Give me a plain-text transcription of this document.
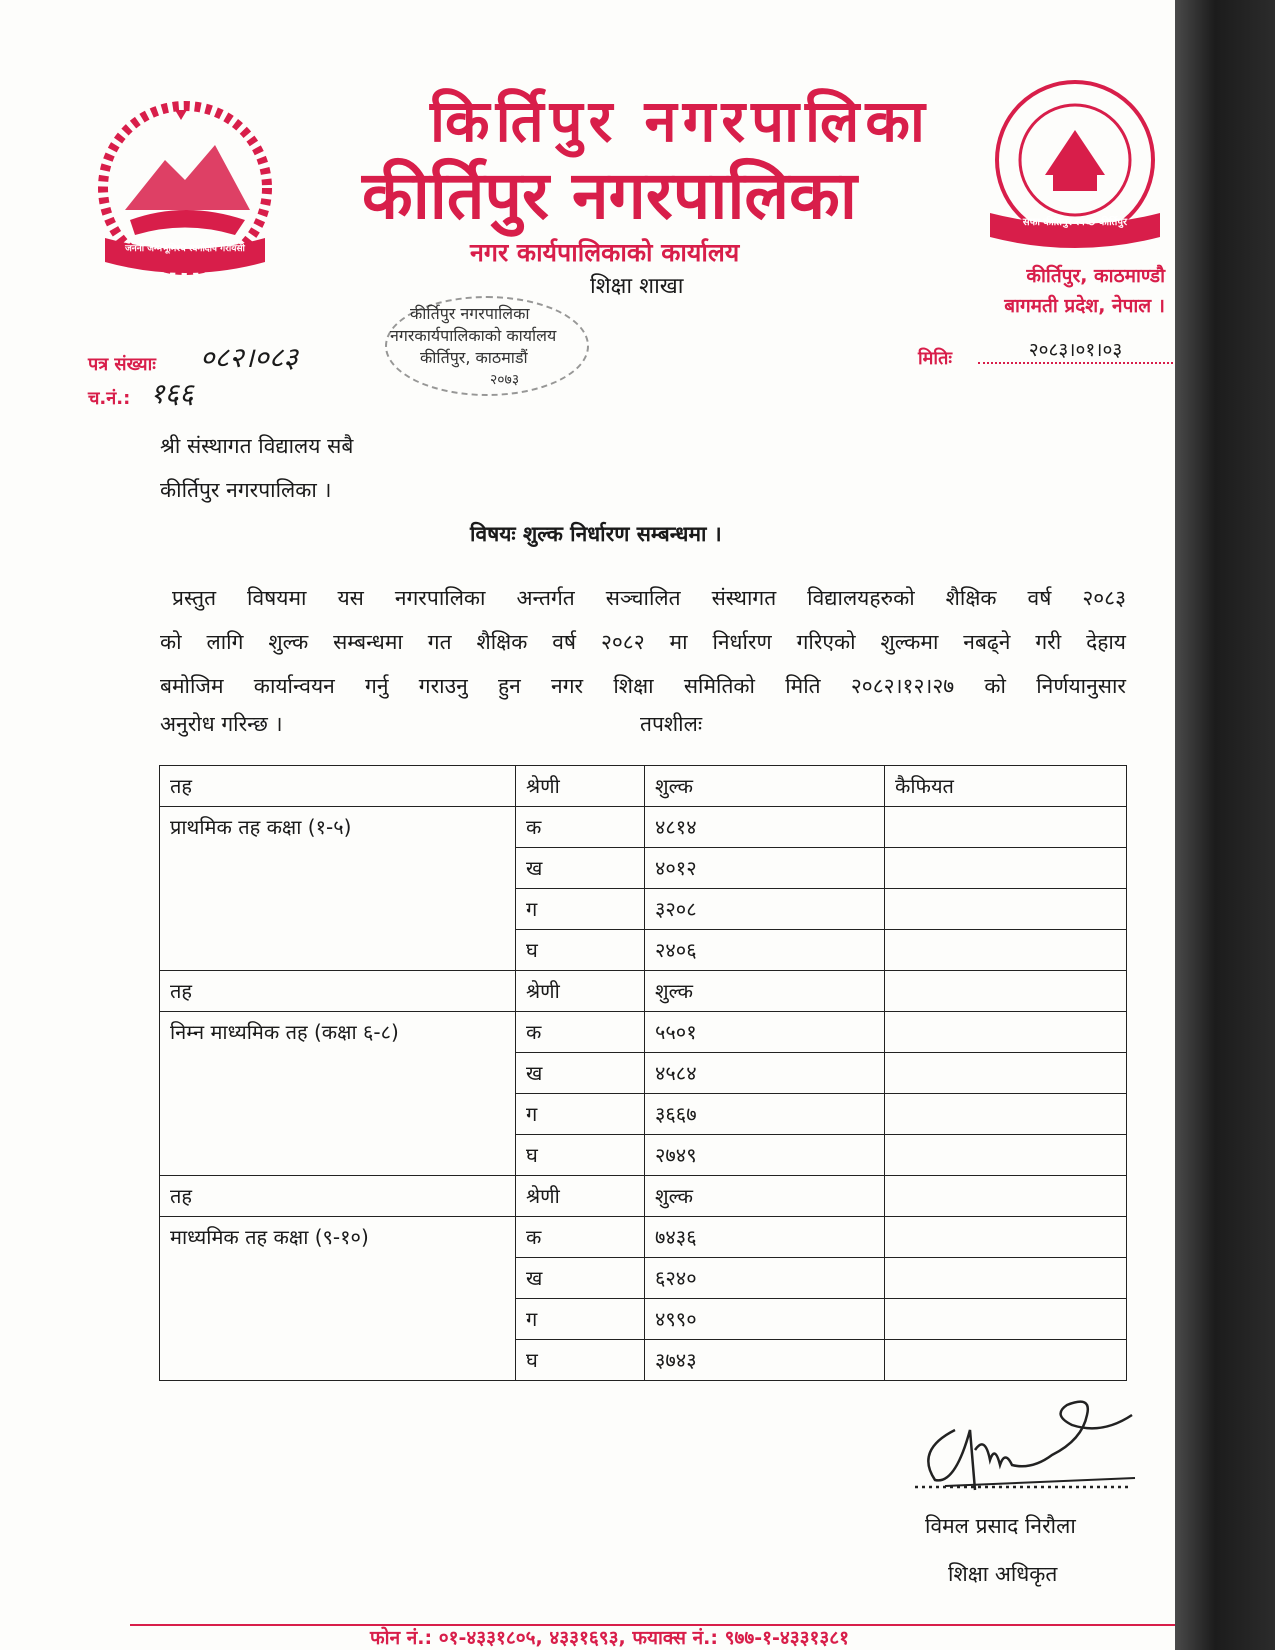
जननी जन्मभूमिश्च स्वर्गादपि गरीयसी
सफा कीर्तिपुर स्वच्छ कीर्तिपुर
किर्तिपुर नगरपालिका
कीर्तिपुर नगरपालिका
नगर कार्यपालिकाको कार्यालय
शिक्षा शाखा
कीर्तिपुर नगरपालिका
नगरकार्यपालिकाको कार्यालय
कीर्तिपुर, काठमाडौं
२०७३
कीर्तिपुर, काठमाण्डौ
बागमती प्रदेश, नेपाल ।
मितिः	२०८३।०१।०३
पत्र संख्याः ०८२।०८३
च.नं.: १६६
श्री संस्थागत विद्यालय सबै
कीर्तिपुर नगरपालिका ।
विषयः शुल्क निर्धारण सम्बन्धमा ।
प्रस्तुत विषयमा यस नगरपालिका अन्तर्गत सञ्चालित संस्थागत विद्यालयहरुको शैक्षिक वर्ष २०८३
को लागि शुल्क सम्बन्धमा गत शैक्षिक वर्ष २०८२ मा निर्धारण गरिएको शुल्कमा नबढ्ने गरी देहाय
बमोजिम कार्यान्वयन गर्नु गराउनु हुन नगर शिक्षा समितिको मिति २०८२।१२।२७ को निर्णयानुसार
अनुरोध गरिन्छ ।	तपशीलः
तह	श्रेणी	शुल्क	कैफियत
प्राथमिक तह कक्षा (१-५)	क	४८१४	
	ख	४०१२	
	ग	३२०८	
	घ	२४०६	
तह	श्रेणी	शुल्क	
निम्न माध्यमिक तह (कक्षा ६-८)	क	५५०१	
	ख	४५८४	
	ग	३६६७	
	घ	२७४९	
तह	श्रेणी	शुल्क	
माध्यमिक तह कक्षा (९-१०)	क	७४३६	
	ख	६२४०	
	ग	४९९०	
	घ	३७४३	
विमल प्रसाद निरौला
शिक्षा अधिकृत
फोन नं.: ०१-४३३१८०५, ४३३१६९३, फयाक्स नं.: ९७७-१-४३३१३८१
